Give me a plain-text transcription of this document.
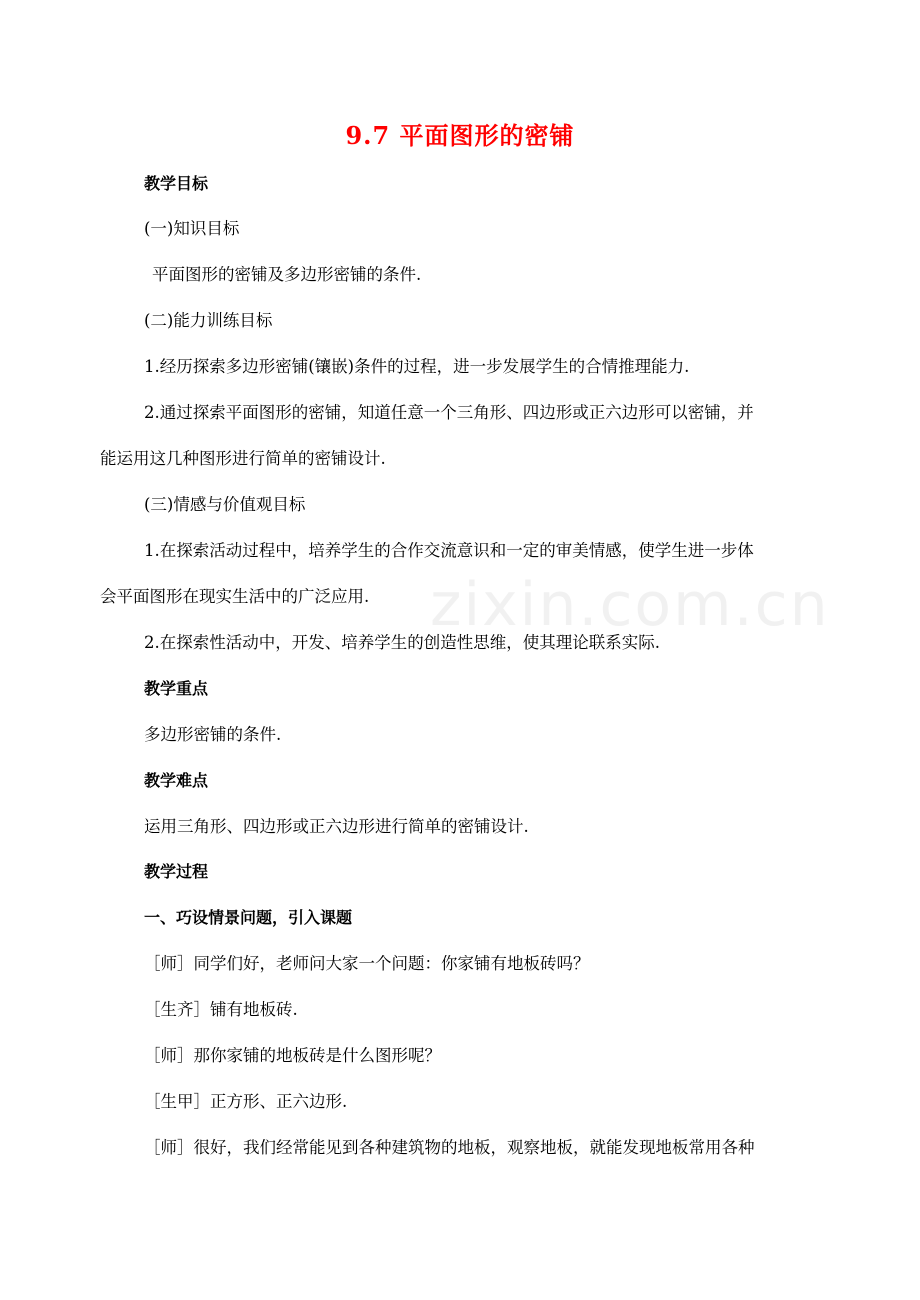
9.7 平面图形的密铺
zixin.com.cn
教学目标
(一)知识目标
平面图形的密铺及多边形密铺的条件.
(二)能力训练目标
1.经历探索多边形密铺(镶嵌)条件的过程，进一步发展学生的合情推理能力.
2.通过探索平面图形的密铺，知道任意一个三角形、四边形或正六边形可以密铺，并
能运用这几种图形进行简单的密铺设计.
(三)情感与价值观目标
1.在探索活动过程中，培养学生的合作交流意识和一定的审美情感，使学生进一步体
会平面图形在现实生活中的广泛应用.
2.在探索性活动中，开发、培养学生的创造性思维，使其理论联系实际.
教学重点
多边形密铺的条件.
教学难点
运用三角形、四边形或正六边形进行简单的密铺设计.
教学过程
一、巧设情景问题，引入课题
［师］同学们好，老师问大家一个问题：你家铺有地板砖吗？
［生齐］铺有地板砖.
［师］那你家铺的地板砖是什么图形呢？
［生甲］正方形、正六边形.
［师］很好，我们经常能见到各种建筑物的地板，观察地板，就能发现地板常用各种
